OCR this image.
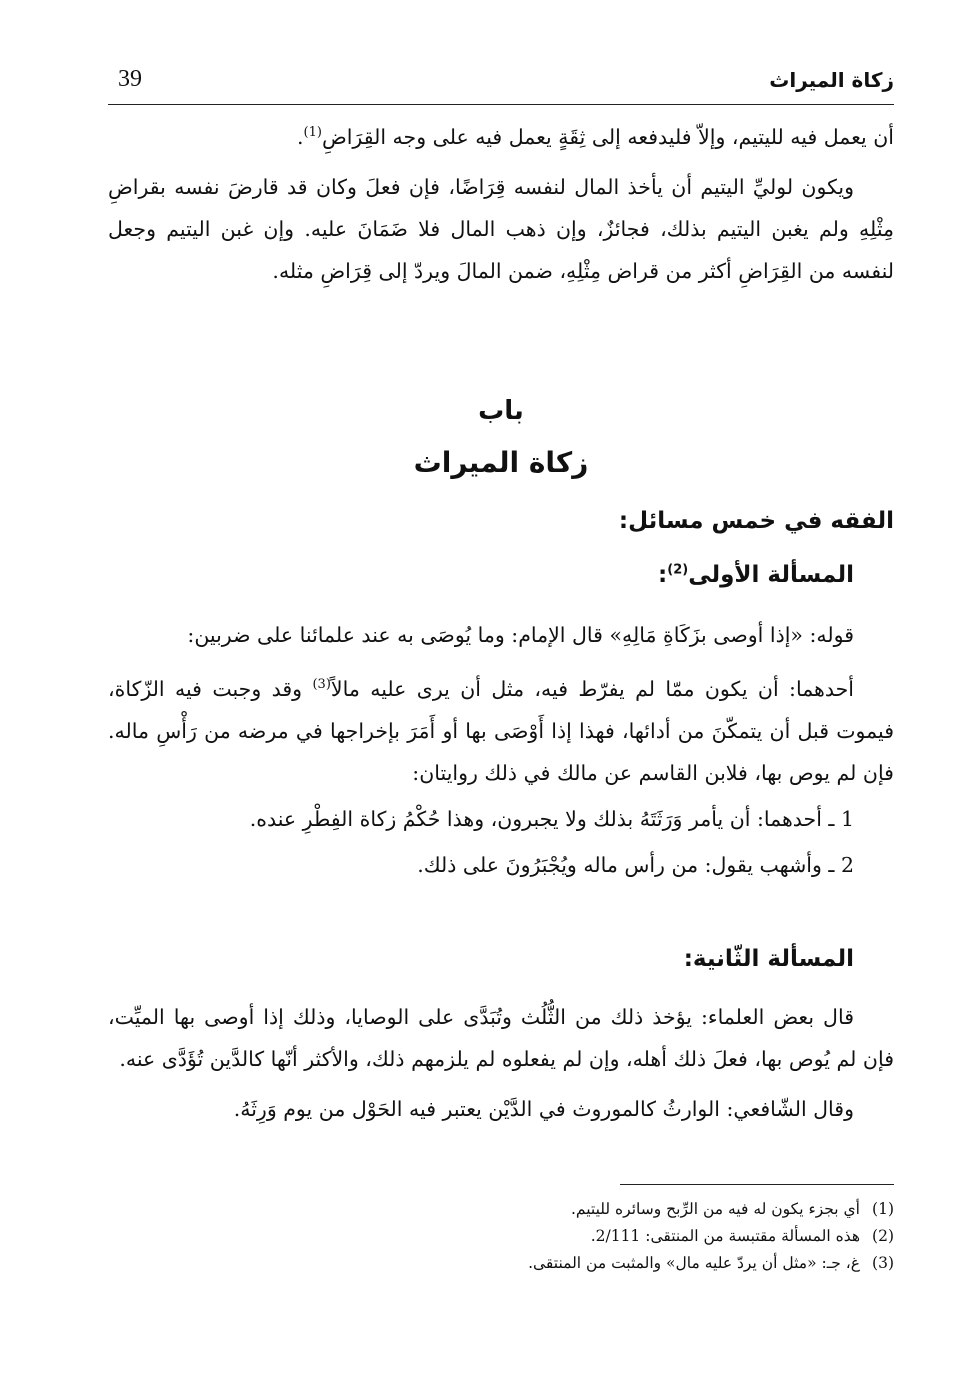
زكاة الميراث
39

أن يعمل فيه لليتيم، وإلاّ فليدفعه إلى ثِقَةٍ يعمل فيه على وجه القِرَاضِ$^{(1)}$.

ويكون لوليِّ اليتيم أن يأخذ المال لنفسه قِرَاضًا، فإن فعلَ وكان قد قارضَ نفسه بقراضِ مِثْلِهِ ولم يغبن اليتيم بذلك، فجائزٌ، وإن ذهب المال فلا ضَمَانَ عليه. وإن غبن اليتيم وجعل لنفسه من القِرَاضِ أكثر من قراض مِثْلِهِ، ضمن المالَ ويردّ إلى قِرَاضِ مثله.

باب
زكاة الميراث
الفقه في خمس مسائل:
المسألة الأولى$^{(2)}$:

قوله: «إذا أوصى بزَكَاةِ مَالِهِ» قال الإمام: وما يُوصَى به عند علمائنا على ضربين:

أحدهما: أن يكون ممّا لم يفرّط فيه، مثل أن يرى عليه مالاً$^{(3)}$ وقد وجبت فيه الزّكاة، فيموت قبل أن يتمكّنَ من أدائها، فهذا إذا أَوْصَى بها أو أَمَرَ بإخراجها في مرضه من رَأْسِ ماله. فإن لم يوص بها، فلابن القاسم عن مالك في ذلك روايتان:

1 ـ أحدهما: أن يأمر وَرَثَتَهُ بذلك ولا يجبرون، وهذا حُكْمُ زكاة الفِطْرِ عنده.

2 ـ وأشهب يقول: من رأس ماله ويُجْبَرُونَ على ذلك.

المسألة الثّانية:

قال بعض العلماء: يؤخذ ذلك من الثُّلُث وتُبَدَّى على الوصايا، وذلك إذا أوصى بها الميِّت، فإن لم يُوص بها، فعلَ ذلك أهله، وإن لم يفعلوه لم يلزمهم ذلك، والأكثر أنّها كالدَّين تُؤَدَّى عنه.

وقال الشّافعي: الوارثُ كالموروث في الدَّيْن يعتبر فيه الحَوْل من يوم وَرِثَهُ.

(1)أي بجزء يكون له فيه من الرِّبح وسائره لليتيم.
(2)هذه المسألة مقتبسة من المنتقى: 2/111.
(3)غ، جـ: «مثل أن يردّ عليه مال» والمثبت من المنتقى.
